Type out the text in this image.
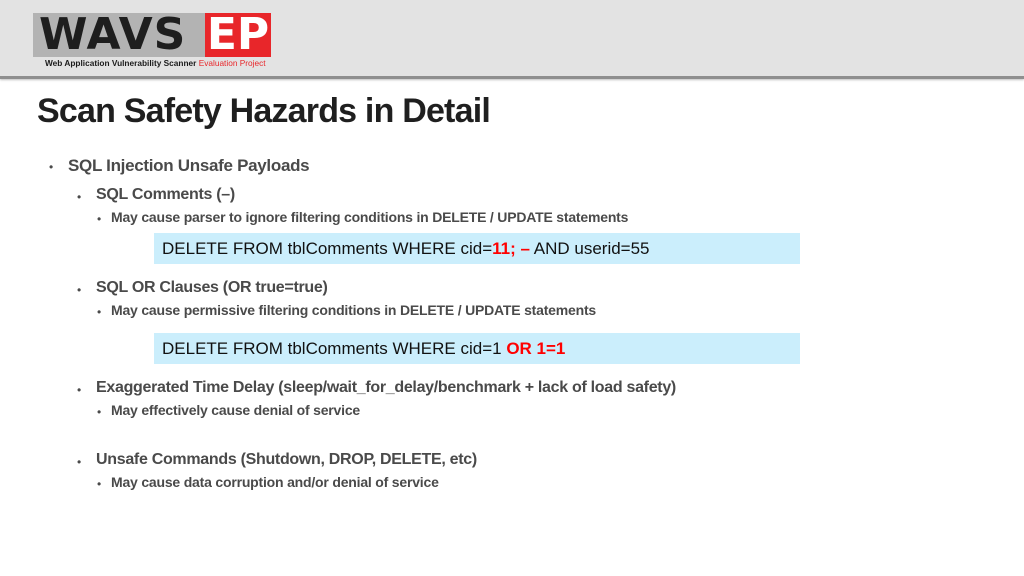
WAVS EP
Web Application Vulnerability Scanner Evaluation Project
Scan Safety Hazards in Detail
• SQL Injection Unsafe Payloads
• SQL Comments (–)
• May cause parser to ignore filtering conditions in DELETE / UPDATE statements
DELETE FROM tblComments WHERE cid=11; – AND userid=55
• SQL OR Clauses (OR true=true)
• May cause permissive filtering conditions in DELETE / UPDATE statements
DELETE FROM tblComments WHERE cid=1 OR 1=1
• Exaggerated Time Delay (sleep/wait_for_delay/benchmark + lack of load safety)
• May effectively cause denial of service
• Unsafe Commands (Shutdown, DROP, DELETE, etc)
• May cause data corruption and/or denial of service
